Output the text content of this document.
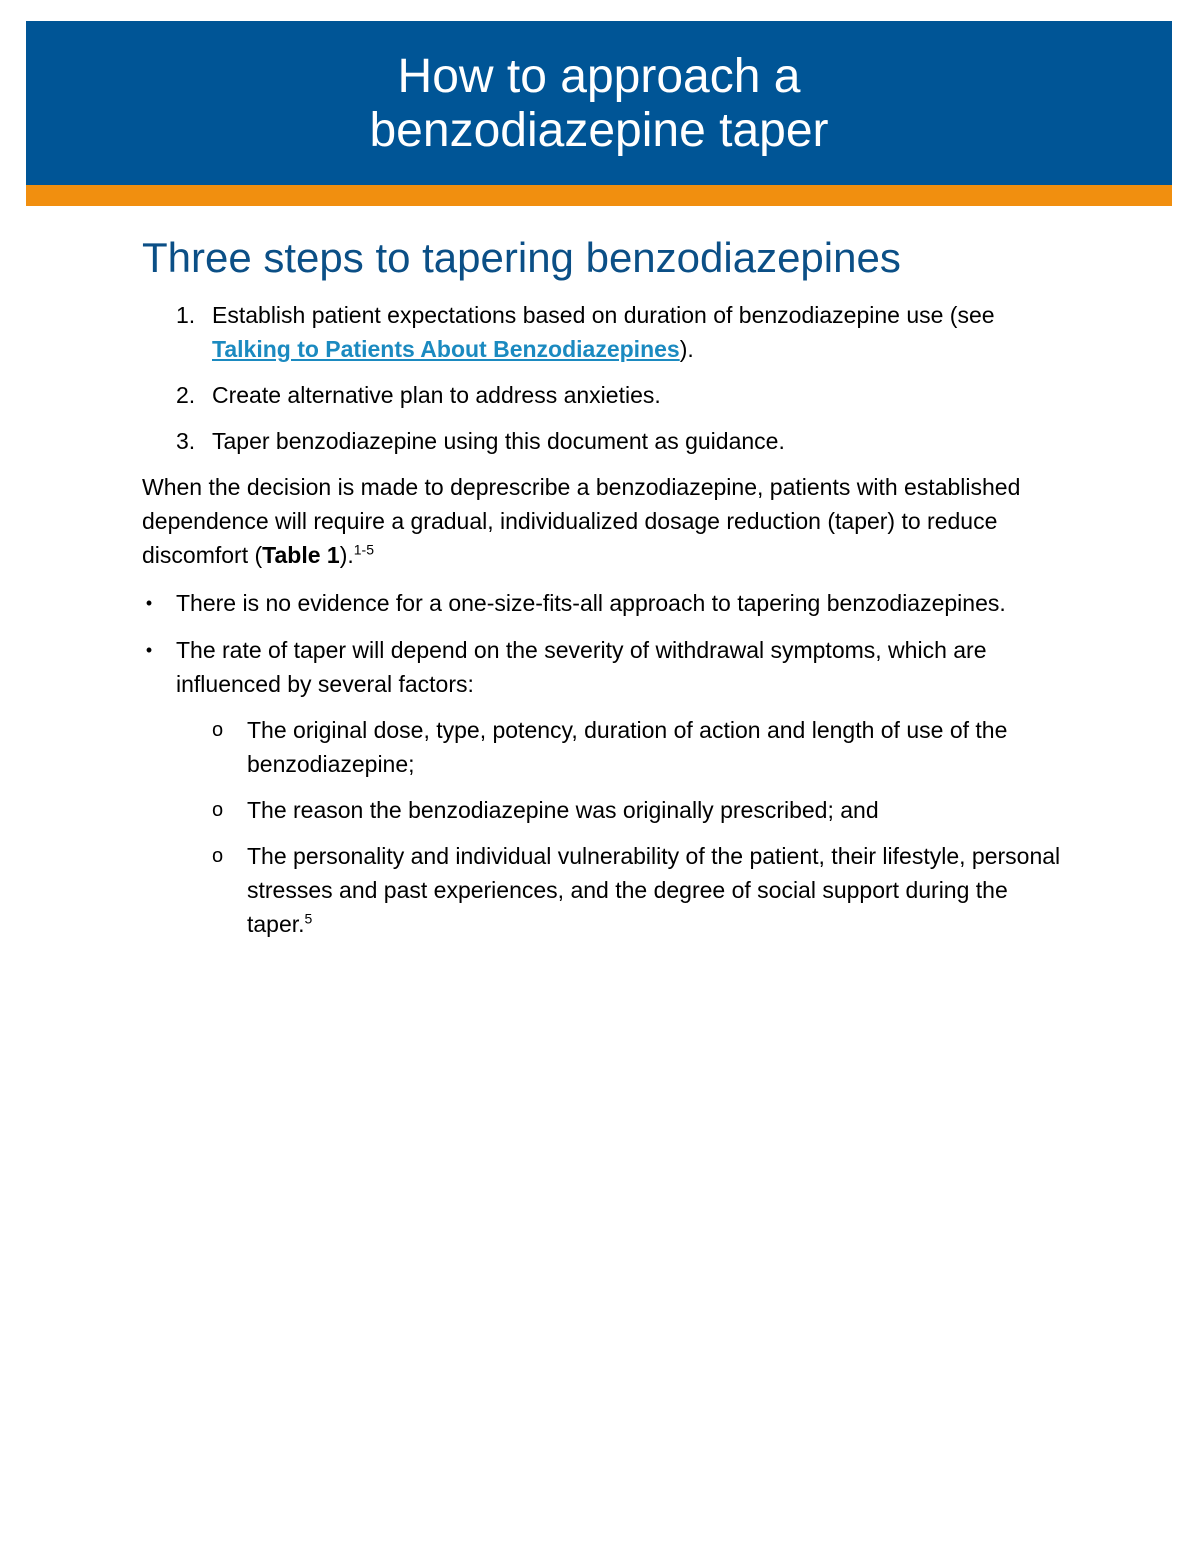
How to approach a
benzodiazepine taper
Three steps to tapering benzodiazepines
1. Establish patient expectations based on duration of benzodiazepine use (see Talking to Patients About Benzodiazepines).
2. Create alternative plan to address anxieties.
3. Taper benzodiazepine using this document as guidance.

When the decision is made to deprescribe a benzodiazepine, patients with established dependence will require a gradual, individualized dosage reduction (taper) to reduce discomfort (Table 1).$^{1-5}$

• There is no evidence for a one-size-fits-all approach to tapering benzodiazepines.
• The rate of taper will depend on the severity of withdrawal symptoms, which are influenced by several factors:
o The original dose, type, potency, duration of action and length of use of the benzodiazepine;
o The reason the benzodiazepine was originally prescribed; and
o The personality and individual vulnerability of the patient, their lifestyle, personal stresses and past experiences, and the degree of social support during the taper.$^5$
